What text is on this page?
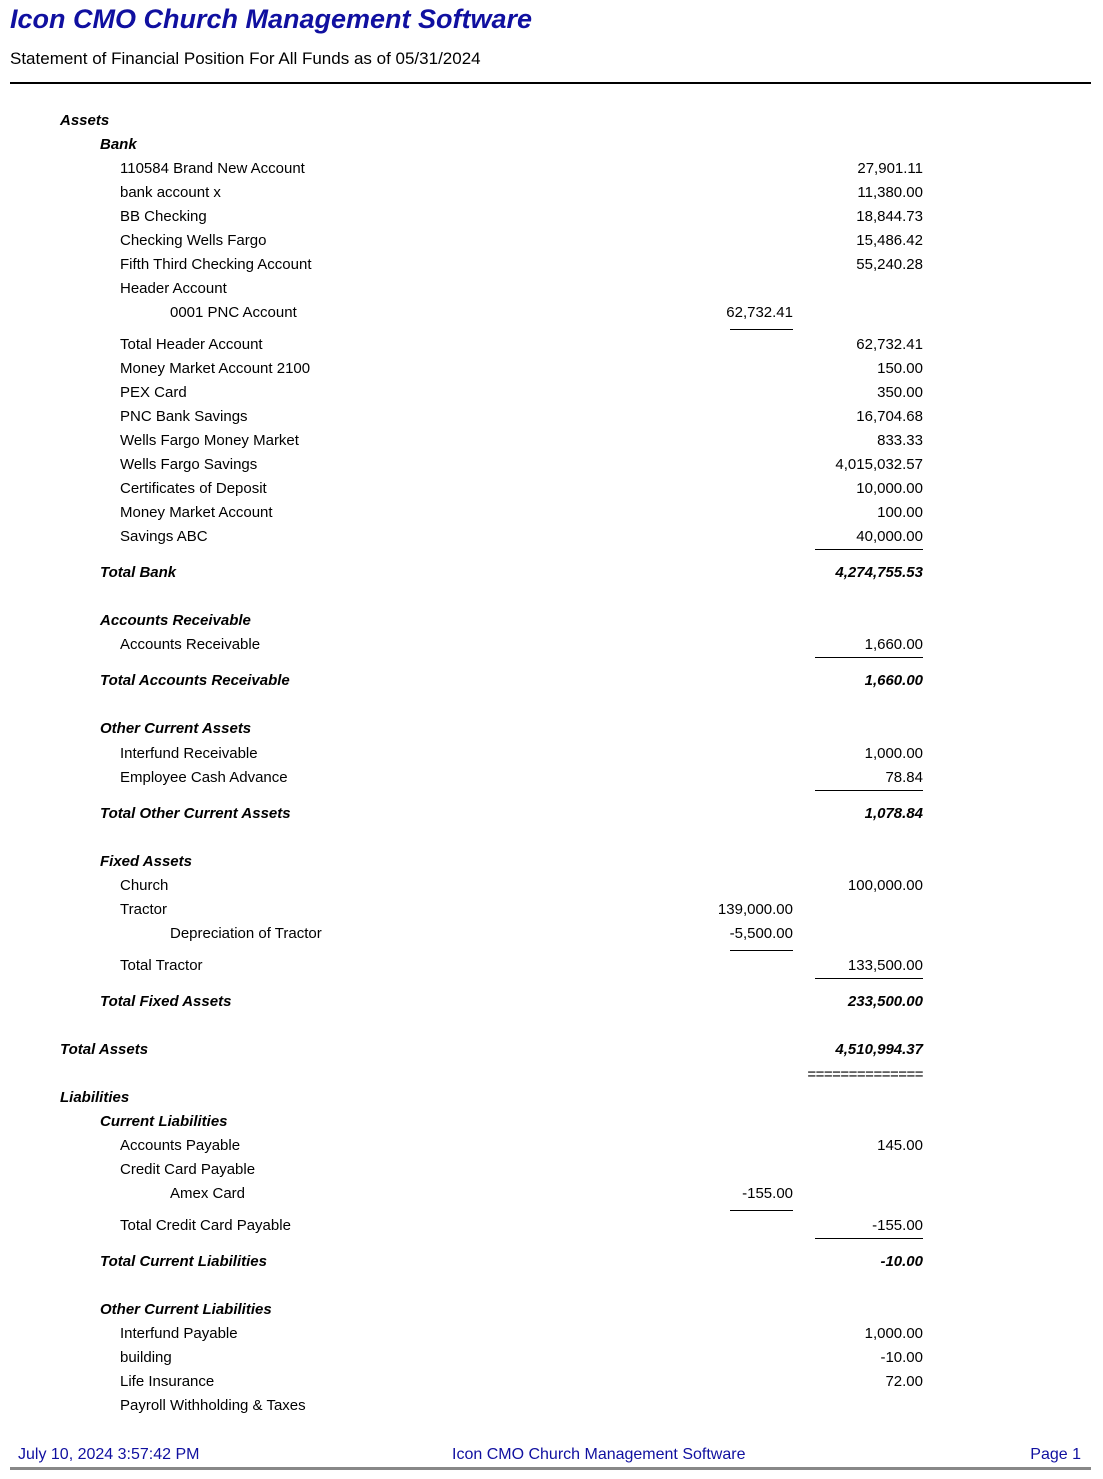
Icon CMO Church Management Software
Statement of Financial Position For All Funds as of 05/31/2024
Assets
Bank
110584 Brand New Account	27,901.11
bank account x	11,380.00
BB Checking	18,844.73
Checking Wells Fargo	15,486.42
Fifth Third Checking Account	55,240.28
Header Account
0001 PNC Account	62,732.41
Total Header Account	62,732.41
Money Market Account 2100	150.00
PEX Card	350.00
PNC Bank Savings	16,704.68
Wells Fargo Money Market	833.33
Wells Fargo Savings	4,015,032.57
Certificates of Deposit	10,000.00
Money Market Account	100.00
Savings ABC	40,000.00
Total Bank	4,274,755.53
Accounts Receivable
Accounts Receivable	1,660.00
Total Accounts Receivable	1,660.00
Other Current Assets
Interfund Receivable	1,000.00
Employee Cash Advance	78.84
Total Other Current Assets	1,078.84
Fixed Assets
Church	100,000.00
Tractor	139,000.00
Depreciation of Tractor	-5,500.00
Total Tractor	133,500.00
Total Fixed Assets	233,500.00
Total Assets	4,510,994.37
Liabilities
Current Liabilities
Accounts Payable	145.00
Credit Card Payable
Amex Card	-155.00
Total Credit Card Payable	-155.00
Total Current Liabilities	-10.00
Other Current Liabilities
Interfund Payable	1,000.00
building	-10.00
Life Insurance	72.00
Payroll Withholding & Taxes
==============
July 10, 2024 3:57:42 PM	Icon CMO Church Management Software	Page 1
